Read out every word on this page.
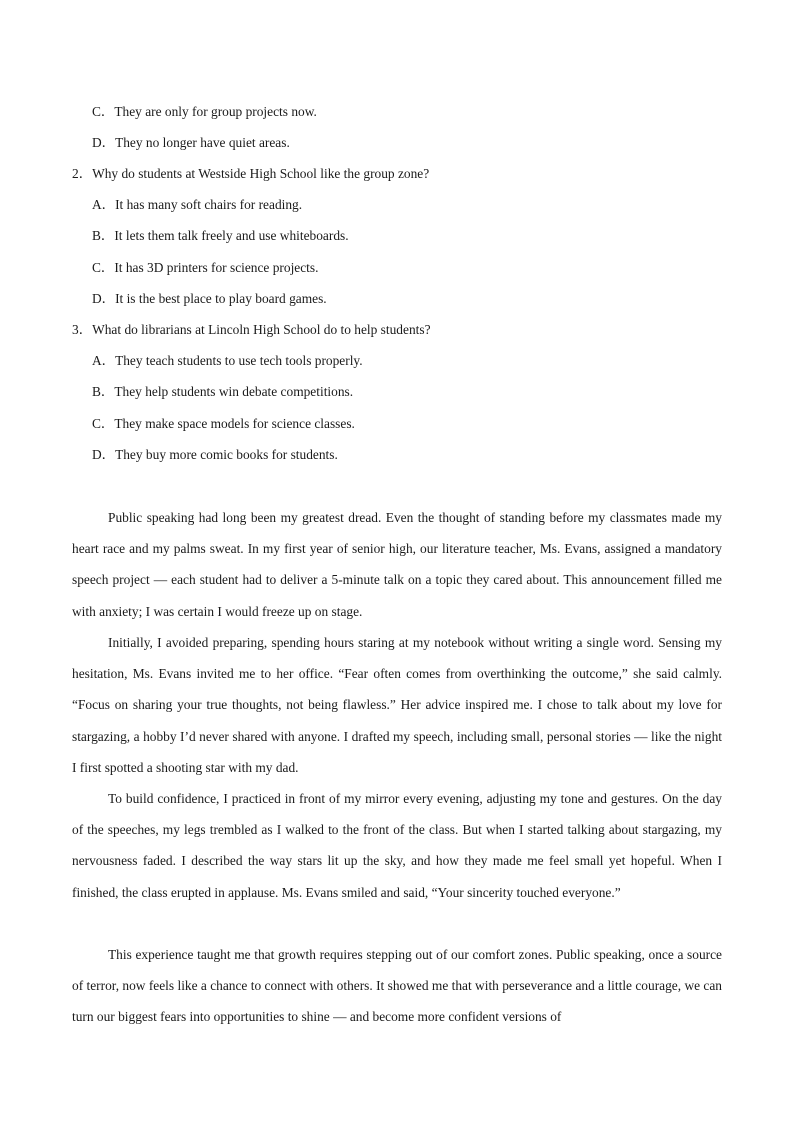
C．They are only for group projects now.
D．They no longer have quiet areas.
2．Why do students at Westside High School like the group zone?
A．It has many soft chairs for reading.
B．It lets them talk freely and use whiteboards.
C．It has 3D printers for science projects.
D．It is the best place to play board games.
3．What do librarians at Lincoln High School do to help students?
A．They teach students to use tech tools properly.
B．They help students win debate competitions.
C．They make space models for science classes.
D．They buy more comic books for students.

Public speaking had long been my greatest dread. Even the thought of standing before my classmates made my heart race and my palms sweat. In my first year of senior high, our literature teacher, Ms. Evans, assigned a mandatory speech project — each student had to deliver a 5-minute talk on a topic they cared about. This announcement filled me with anxiety; I was certain I would freeze up on stage.

Initially, I avoided preparing, spending hours staring at my notebook without writing a single word. Sensing my hesitation, Ms. Evans invited me to her office. “Fear often comes from overthinking the outcome,” she said calmly. “Focus on sharing your true thoughts, not being flawless.” Her advice inspired me. I chose to talk about my love for stargazing, a hobby I’d never shared with anyone. I drafted my speech, including small, personal stories — like the night I first spotted a shooting star with my dad.

To build confidence, I practiced in front of my mirror every evening, adjusting my tone and gestures. On the day of the speeches, my legs trembled as I walked to the front of the class. But when I started talking about stargazing, my nervousness faded. I described the way stars lit up the sky, and how they made me feel small yet hopeful. When I finished, the class erupted in applause. Ms. Evans smiled and said, “Your sincerity touched everyone.”

This experience taught me that growth requires stepping out of our comfort zones. Public speaking, once a source of terror, now feels like a chance to connect with others. It showed me that with perseverance and a little courage, we can turn our biggest fears into opportunities to shine — and become more confident versions of
